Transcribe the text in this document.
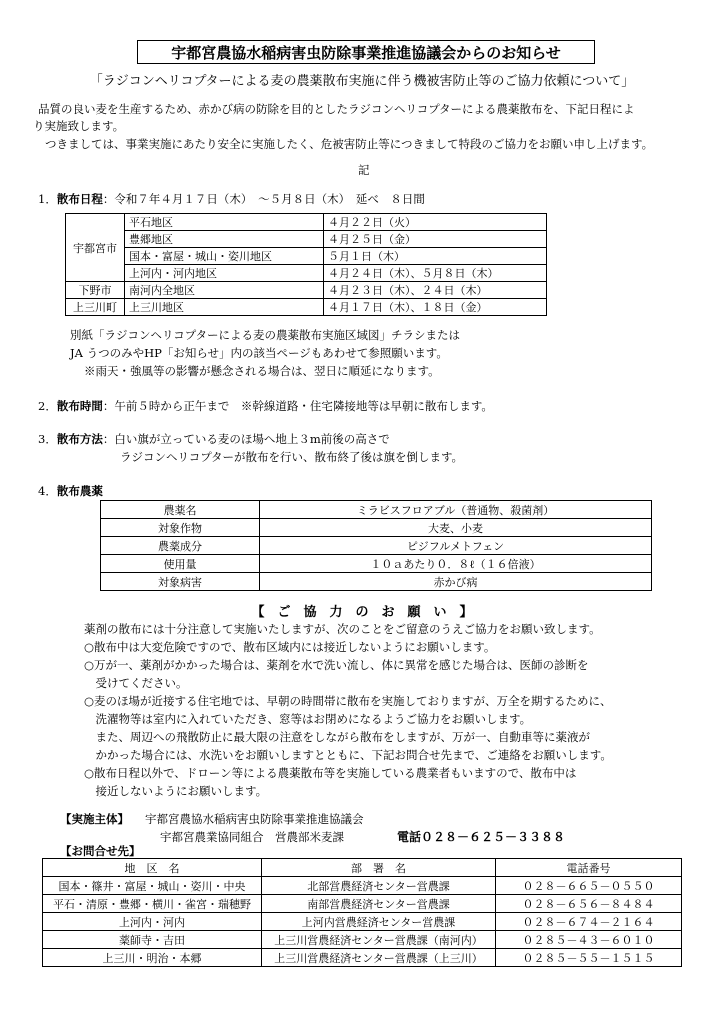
宇都宮農協水稲病害虫防除事業推進協議会からのお知らせ
「ラジコンヘリコプターによる麦の農薬散布実施に伴う機被害防止等のご協力依頼について」
品質の良い麦を生産するため、赤かび病の防除を目的としたラジコンヘリコプターによる農薬散布を、下記日程によ
り実施致します。
つきましては、事業実施にあたり安全に実施したく、危被害防止等につきまして特段のご協力をお願い申し上げます。
記
1．散布日程：令和７年４月１７日（木）　～５月８日（木）　延べ　８日間
宇都宮市	平石地区	４月２２日（火）
	豊郷地区	４月２５日（金）
	国本・富屋・城山・姿川地区	５月１日（木）
	上河内・河内地区	４月２４日（木）、５月８日（木）
下野市	南河内全地区	４月２３日（木）、２４日（木）
上三川町	上三川地区	４月１７日（木）、１８日（金）
別紙「ラジコンヘリコプターによる麦の農薬散布実施区域図」チラシまたは
JA うつのみやHP「お知らせ」内の該当ページもあわせて参照願います。
※雨天・強風等の影響が懸念される場合は、翌日に順延になります。
2．散布時間：午前５時から正午まで　※幹線道路・住宅隣接地等は早朝に散布します。
3．散布方法：白い旗が立っている麦のほ場へ地上３m前後の高さで
ラジコンヘリコプターが散布を行い、散布終了後は旗を倒します。
4．散布農薬
農薬名	ミラビスフロアブル（普通物、殺菌剤）
対象作物	大麦、小麦
農薬成分	ピジフルメトフェン
使用量	１０ａあたり０．８ℓ（１６倍液）
対象病害	赤かび病
【　ご　協　力　の　お　願　い　】
薬剤の散布には十分注意して実施いたしますが、次のことをご留意のうえご協力をお願い致します。
○散布中は大変危険ですので、散布区域内には接近しないようにお願いします。
○万が一、薬剤がかかった場合は、薬剤を水で洗い流し、体に異常を感じた場合は、医師の診断を
　受けてください。
○麦のほ場が近接する住宅地では、早朝の時間帯に散布を実施しておりますが、万全を期するために、
　洗濯物等は室内に入れていただき、窓等はお閉めになるようご協力をお願いします。
　また、周辺への飛散防止に最大限の注意をしながら散布をしますが、万が一、自動車等に薬液が
　かかった場合には、水洗いをお願いしますとともに、下記お問合せ先まで、ご連絡をお願いします。
○散布日程以外で、ドローン等による農薬散布等を実施している農業者もいますので、散布中は
　接近しないようにお願いします。
【実施主体】 宇都宮農協水稲病害虫防除事業推進協議会
宇都宮農業協同組合　営農部米麦課	電話０２８－６２５－３３８８
【お問合せ先】
地　区　名	部　署　名	電話番号
国本・篠井・富屋・城山・姿川・中央	北部営農経済センター営農課	０２８－６６５－０５５０
平石・清原・豊郷・横川・雀宮・瑞穂野	南部営農経済センター営農課	０２８－６５６－８４８４
上河内・河内	上河内営農経済センター営農課	０２８－６７４－２１６４
薬師寺・吉田	上三川営農経済センター営農課（南河内）	０２８５－４３－６０１０
上三川・明治・本郷	上三川営農経済センター営農課（上三川）	０２８５－５５－１５１５
